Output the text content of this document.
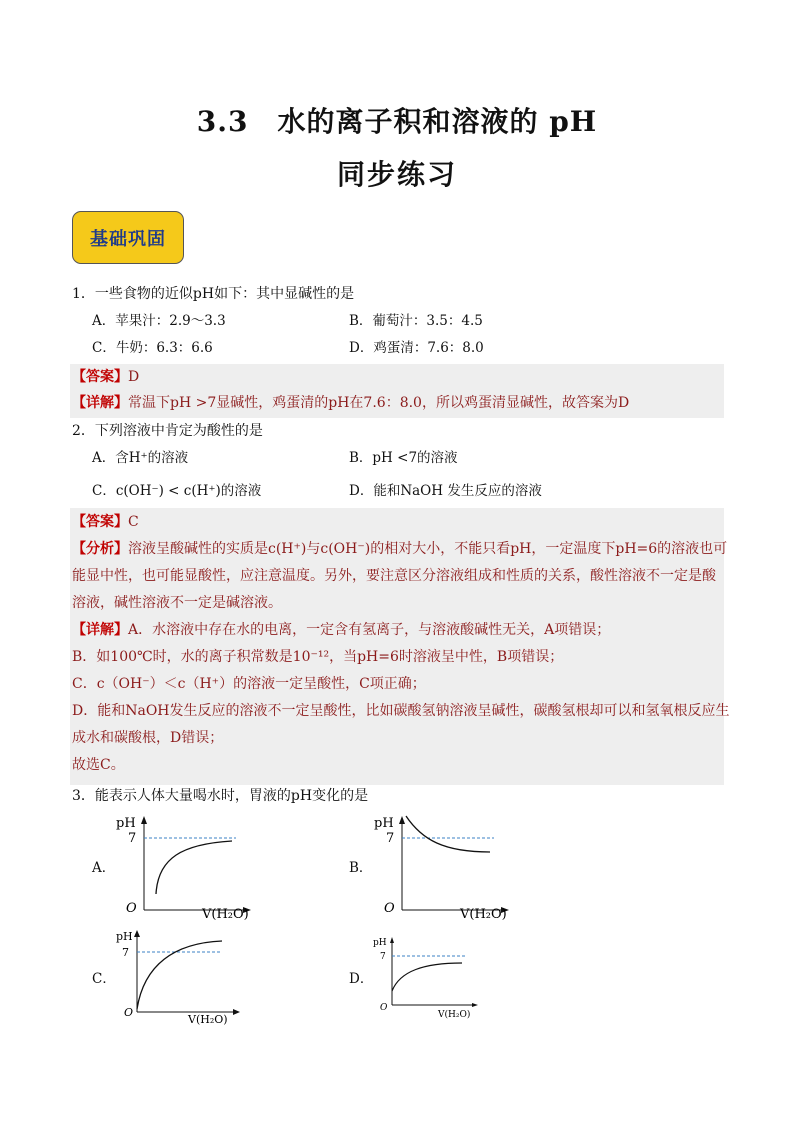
3.3　水的离子积和溶液的 pH
同步练习
基础巩固
1．一些食物的近似pH如下：其中显碱性的是
A．苹果汁：2.9～3.3	B．葡萄汁：3.5：4.5
C．牛奶：6.3：6.6	D．鸡蛋清：7.6：8.0
【答案】D
【详解】常温下pH >7显碱性，鸡蛋清的pH在7.6：8.0，所以鸡蛋清显碱性，故答案为D
2．下列溶液中肯定为酸性的是
A．含H⁺的溶液	B．pH <7的溶液
C．c(OH⁻) < c(H⁺)的溶液	D．能和NaOH 发生反应的溶液
【答案】C
【分析】溶液呈酸碱性的实质是c(H⁺)与c(OH⁻)的相对大小，不能只看pH，一定温度下pH=6的溶液也可
能显中性，也可能显酸性，应注意温度。另外，要注意区分溶液组成和性质的关系，酸性溶液不一定是酸
溶液，碱性溶液不一定是碱溶液。
【详解】A．水溶液中存在水的电离，一定含有氢离子，与溶液酸碱性无关，A项错误；
B．如100℃时，水的离子积常数是10⁻¹²，当pH=6时溶液呈中性，B项错误；
C．c（OH⁻）＜c（H⁺）的溶液一定呈酸性，C项正确；
D．能和NaOH发生反应的溶液不一定呈酸性，比如碳酸氢钠溶液呈碱性，碳酸氢根却可以和氢氧根反应生
成水和碳酸根，D错误；
故选C。
3．能表示人体大量喝水时，胃液的pH变化的是
A．	B．
C．	D．
pH
7
O	V(H₂O)
pH
7
O	V(H₂O)
pH
7
O
V(H₂O)
pH
7
O
V(H₂O)
